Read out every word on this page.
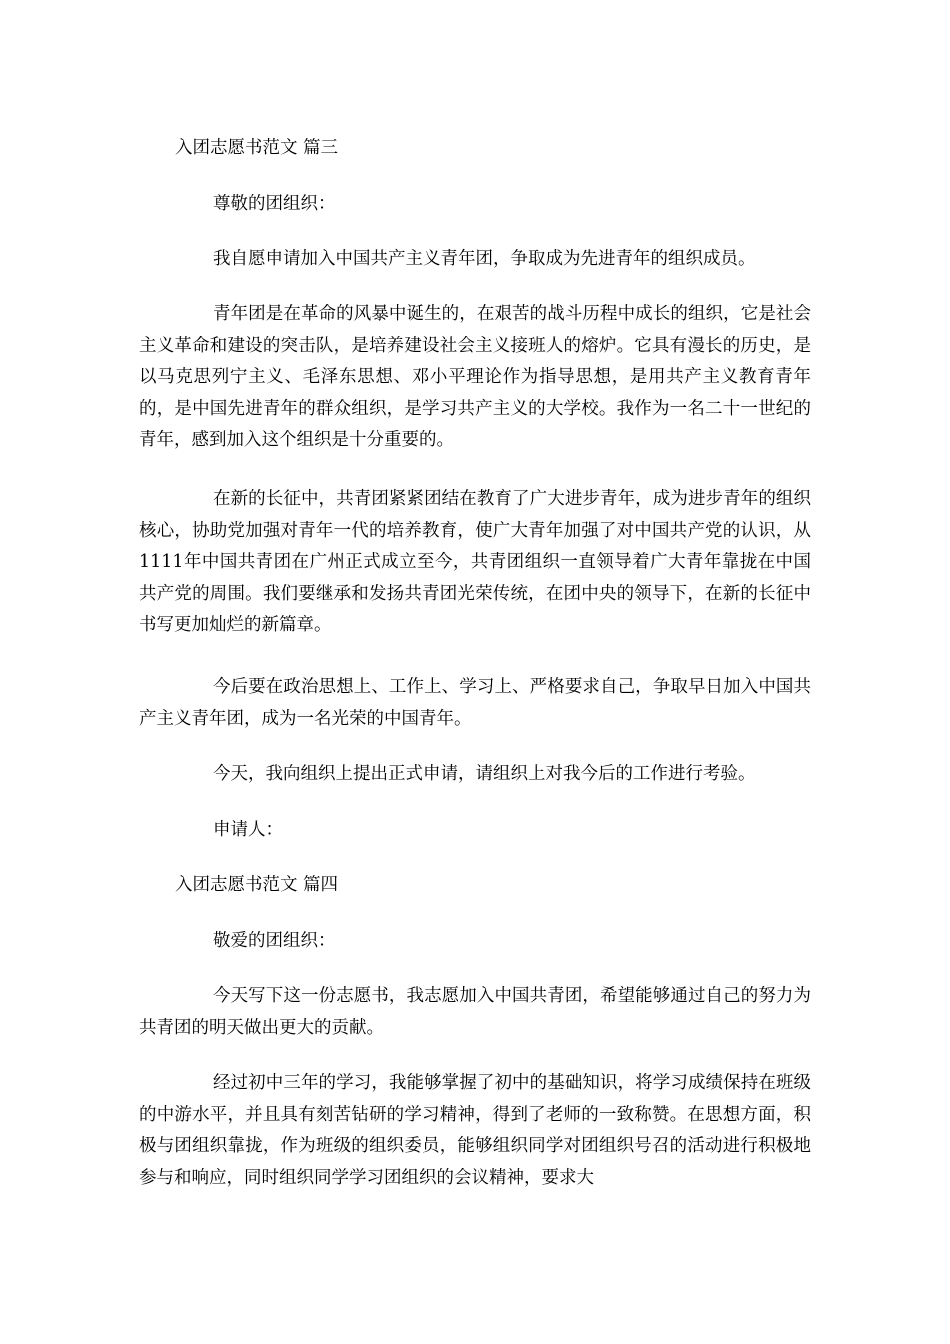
入团志愿书范文 篇三

尊敬的团组织：

我自愿申请加入中国共产主义青年团，争取成为先进青年的组织成员。

青年团是在革命的风暴中诞生的，在艰苦的战斗历程中成长的组织，它是社会主义革命和建设的突击队，是培养建设社会主义接班人的熔炉。它具有漫长的历史，是以马克思列宁主义、毛泽东思想、邓小平理论作为指导思想，是用共产主义教育青年的，是中国先进青年的群众组织，是学习共产主义的大学校。我作为一名二十一世纪的青年，感到加入这个组织是十分重要的。

在新的长征中，共青团紧紧团结在教育了广大进步青年，成为进步青年的组织核心，协助党加强对青年一代的培养教育，使广大青年加强了对中国共产党的认识，从1111年中国共青团在广州正式成立至今，共青团组织一直领导着广大青年靠拢在中国共产党的周围。我们要继承和发扬共青团光荣传统，在团中央的领导下，在新的长征中书写更加灿烂的新篇章。

今后要在政治思想上、工作上、学习上、严格要求自己，争取早日加入中国共产主义青年团，成为一名光荣的中国青年。

今天，我向组织上提出正式申请，请组织上对我今后的工作进行考验。

申请人：

入团志愿书范文 篇四

敬爱的团组织：

今天写下这一份志愿书，我志愿加入中国共青团，希望能够通过自己的努力为共青团的明天做出更大的贡献。

经过初中三年的学习，我能够掌握了初中的基础知识，将学习成绩保持在班级的中游水平，并且具有刻苦钻研的学习精神，得到了老师的一致称赞。在思想方面，积极与团组织靠拢，作为班级的组织委员，能够组织同学对团组织号召的活动进行积极地参与和响应，同时组织同学学习团组织的会议精神，要求大
